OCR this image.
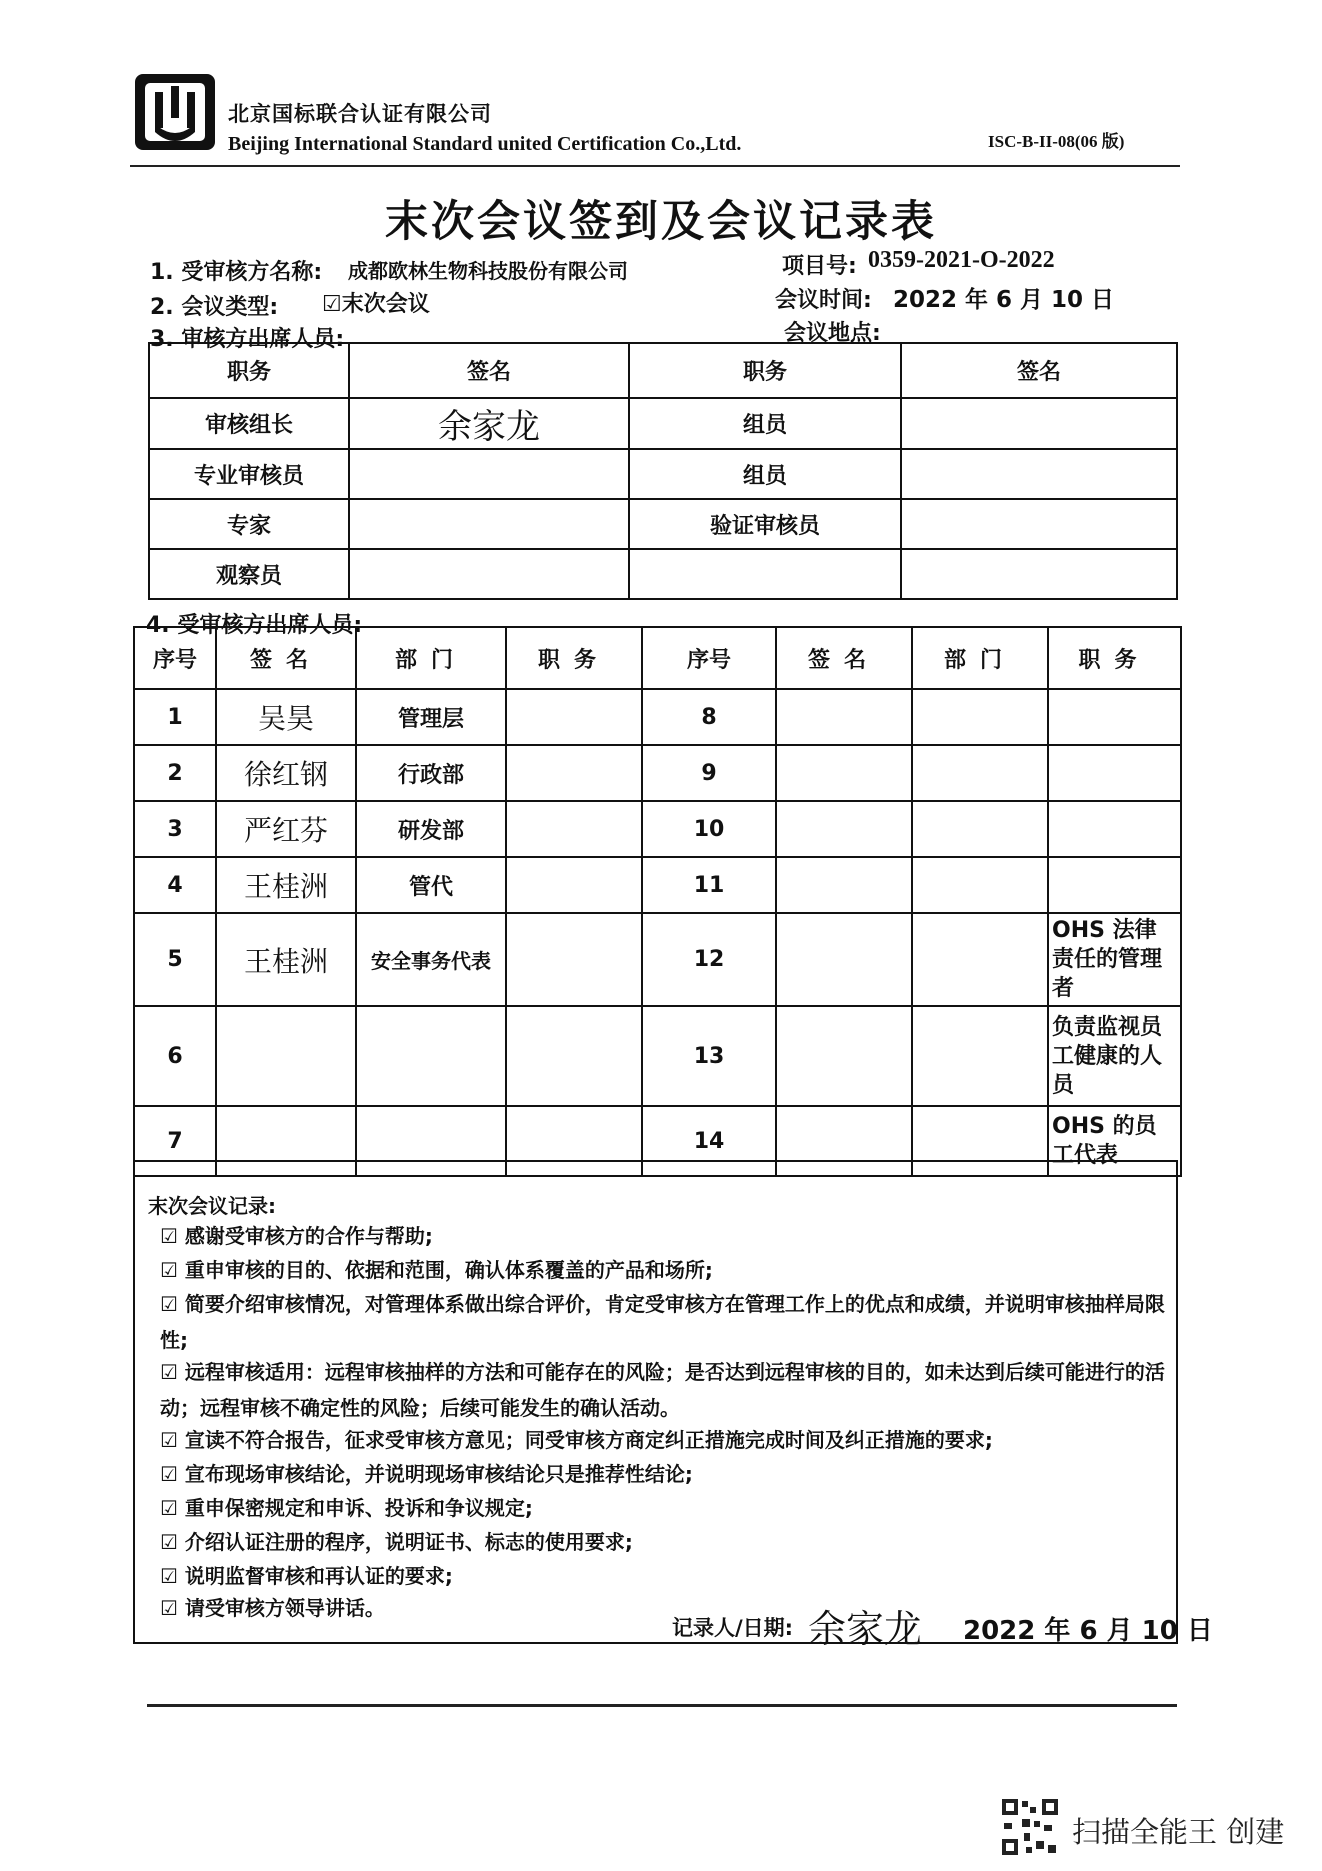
北京国标联合认证有限公司
Beijing International Standard united Certification Co.,Ltd.	ISC-B-II-08(06 版)
末次会议签到及会议记录表
1. 受审核方名称: 成都欧林生物科技股份有限公司	项目号: 0359-2021-O-2022
2. 会议类型: ☑末次会议	会议时间: 2022 年 6 月 10 日
3. 审核方出席人员:	会议地点:
职务	签名	职务	签名
审核组长	余家龙	组员	
专业审核员		组员	
专家		验证审核员	
观察员			
4. 受审核方出席人员:
序号	签名	部门	职务	序号	签名	部门	职务
1	吴昊	管理层		8			
2	徐红钢	行政部		9			
3	严红芬	研发部		10			
4	王桂洲	管代		11			
5	王桂洲	安全事务代表		12			OHS 法律责任的管理者
6				13			负责监视员工健康的人员
7				14			OHS 的员工代表
末次会议记录:
☑ 感谢受审核方的合作与帮助;
☑ 重申审核的目的、依据和范围，确认体系覆盖的产品和场所;
☑ 简要介绍审核情况，对管理体系做出综合评价，肯定受审核方在管理工作上的优点和成绩，并说明审核抽样局限性;
☑ 远程审核适用：远程审核抽样的方法和可能存在的风险；是否达到远程审核的目的，如未达到后续可能进行的活动；远程审核不确定性的风险；后续可能发生的确认活动。
☑ 宣读不符合报告，征求受审核方意见；同受审核方商定纠正措施完成时间及纠正措施的要求;
☑ 宣布现场审核结论，并说明现场审核结论只是推荐性结论;
☑ 重申保密规定和申诉、投诉和争议规定;
☑ 介绍认证注册的程序，说明证书、标志的使用要求;
☑ 说明监督审核和再认证的要求;
☑ 请受审核方领导讲话。
记录人/日期: 余家龙 2022 年 6 月 10 日
扫描全能王 创建
